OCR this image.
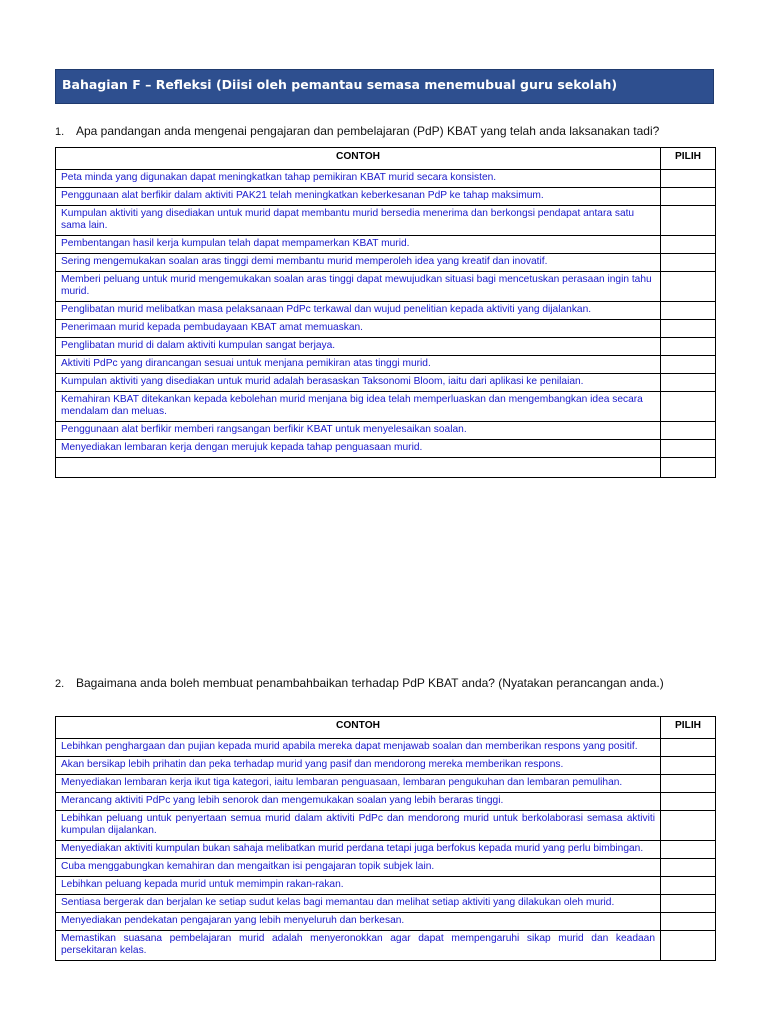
Bahagian F – Refleksi (Diisi oleh pemantau semasa menemubual guru sekolah)
1. Apa pandangan anda mengenai pengajaran dan pembelajaran (PdP) KBAT yang telah anda laksanakan tadi?
CONTOH	PILIH
Peta minda yang digunakan dapat meningkatkan tahap pemikiran KBAT murid secara konsisten.	
Penggunaan alat berfikir dalam aktiviti PAK21 telah meningkatkan keberkesanan PdP ke tahap maksimum.	
Kumpulan aktiviti yang disediakan untuk murid dapat membantu murid bersedia menerima dan berkongsi pendapat antara satu sama lain.	
Pembentangan hasil kerja kumpulan telah dapat mempamerkan KBAT murid.	
Sering mengemukakan soalan aras tinggi demi membantu murid memperoleh idea yang kreatif dan inovatif.	
Memberi peluang untuk murid mengemukakan soalan aras tinggi dapat mewujudkan situasi bagi mencetuskan perasaan ingin tahu murid.	
Penglibatan murid melibatkan masa pelaksanaan PdPc terkawal dan wujud penelitian kepada aktiviti yang dijalankan.	
Penerimaan murid kepada pembudayaan KBAT amat memuaskan.	
Penglibatan murid di dalam aktiviti kumpulan sangat berjaya.	
Aktiviti PdPc yang dirancangan sesuai untuk menjana pemikiran atas tinggi murid.	
Kumpulan aktiviti yang disediakan untuk murid adalah berasaskan Taksonomi Bloom, iaitu dari aplikasi ke penilaian.	
Kemahiran KBAT ditekankan kepada kebolehan murid menjana big idea telah memperluaskan dan mengembangkan idea secara mendalam dan meluas.	
Penggunaan alat berfikir memberi rangsangan berfikir KBAT untuk menyelesaikan soalan.	
Menyediakan lembaran kerja dengan merujuk kepada tahap penguasaan murid.	

2. Bagaimana anda boleh membuat penambahbaikan terhadap PdP KBAT anda? (Nyatakan perancangan anda.)
CONTOH	PILIH
Lebihkan penghargaan dan pujian kepada murid apabila mereka dapat menjawab soalan dan memberikan respons yang positif.	
Akan bersikap lebih prihatin dan peka terhadap murid yang pasif dan mendorong mereka memberikan respons.	
Menyediakan lembaran kerja ikut tiga kategori, iaitu lembaran penguasaan, lembaran pengukuhan dan lembaran pemulihan.	
Merancang aktiviti PdPc yang lebih senorok dan mengemukakan soalan yang lebih beraras tinggi.	
Lebihkan peluang untuk penyertaan semua murid dalam aktiviti PdPc dan mendorong murid untuk berkolaborasi semasa aktiviti kumpulan dijalankan.	
Menyediakan aktiviti kumpulan bukan sahaja melibatkan murid perdana tetapi juga berfokus kepada murid yang perlu bimbingan.	
Cuba menggabungkan kemahiran dan mengaitkan isi pengajaran topik subjek lain.	
Lebihkan peluang kepada murid untuk memimpin rakan-rakan.	
Sentiasa bergerak dan berjalan ke setiap sudut kelas bagi memantau dan melihat setiap aktiviti yang dilakukan oleh murid.	
Menyediakan pendekatan pengajaran yang lebih menyeluruh dan berkesan.	
Memastikan suasana pembelajaran murid adalah menyeronokkan agar dapat mempengaruhi sikap murid dan keadaan persekitaran kelas.	
